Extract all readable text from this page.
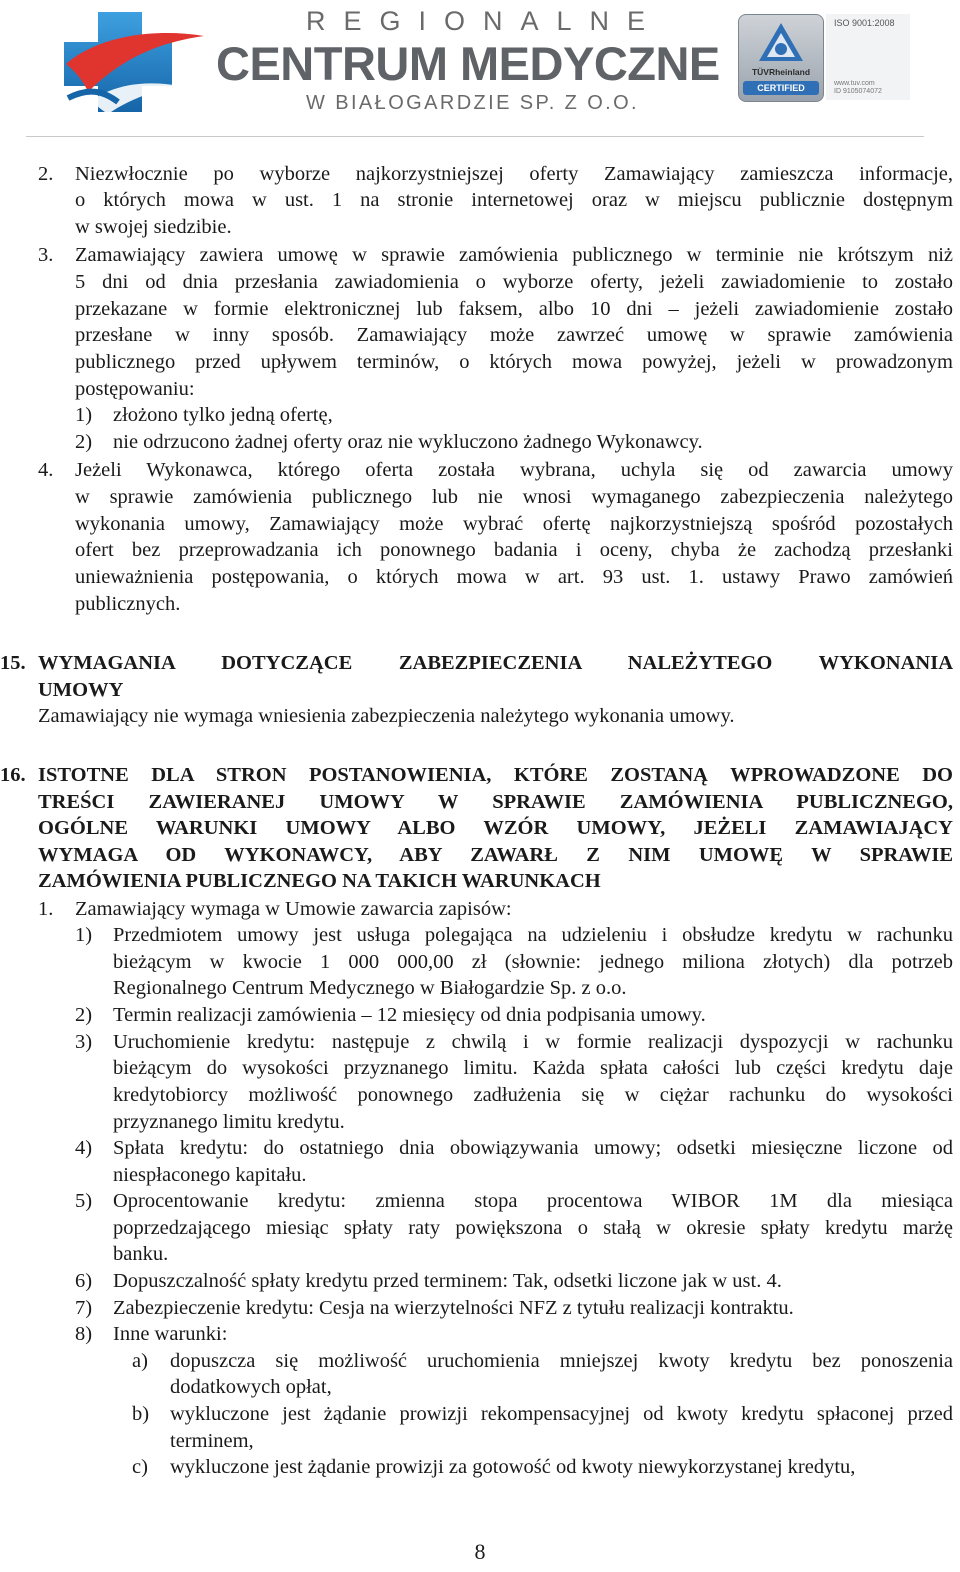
REGIONALNE
CENTRUM MEDYCZNE
W BIAŁOGARDZIE SP. Z O.O.
TÜVRheinland
CERTIFIED
ISO 9001:2008
www.tuv.com
ID 9105074072
2. Niezwłocznie po wyborze najkorzystniejszej oferty Zamawiający zamieszcza informacje,
o których mowa w ust. 1 na stronie internetowej oraz w miejscu publicznie dostępnym
w swojej siedzibie.
3. Zamawiający zawiera umowę w sprawie zamówienia publicznego w terminie nie krótszym niż
5 dni od dnia przesłania zawiadomienia o wyborze oferty, jeżeli zawiadomienie to zostało
przekazane w formie elektronicznej lub faksem, albo 10 dni – jeżeli zawiadomienie zostało
przesłane w inny sposób. Zamawiający może zawrzeć umowę w sprawie zamówienia
publicznego przed upływem terminów, o których mowa powyżej, jeżeli w prowadzonym
postępowaniu:
1) złożono tylko jedną ofertę,
2) nie odrzucono żadnej oferty oraz nie wykluczono żadnego Wykonawcy.
4. Jeżeli Wykonawca, którego oferta została wybrana, uchyla się od zawarcia umowy
w sprawie zamówienia publicznego lub nie wnosi wymaganego zabezpieczenia należytego
wykonania umowy, Zamawiający może wybrać ofertę najkorzystniejszą spośród pozostałych
ofert bez przeprowadzania ich ponownego badania i oceny, chyba że zachodzą przesłanki
unieważnienia postępowania, o których mowa w art. 93 ust. 1. ustawy Prawo zamówień
publicznych.
15. WYMAGANIA DOTYCZĄCE ZABEZPIECZENIA NALEŻYTEGO WYKONANIA
UMOWY
Zamawiający nie wymaga wniesienia zabezpieczenia należytego wykonania umowy.
16. ISTOTNE DLA STRON POSTANOWIENIA, KTÓRE ZOSTANĄ WPROWADZONE DO
TREŚCI ZAWIERANEJ UMOWY W SPRAWIE ZAMÓWIENIA PUBLICZNEGO,
OGÓLNE WARUNKI UMOWY ALBO WZÓR UMOWY, JEŻELI ZAMAWIAJĄCY
WYMAGA OD WYKONAWCY, ABY ZAWARŁ Z NIM UMOWĘ W SPRAWIE
ZAMÓWIENIA PUBLICZNEGO NA TAKICH WARUNKACH
1. Zamawiający wymaga w Umowie zawarcia zapisów:
1) Przedmiotem umowy jest usługa polegająca na udzieleniu i obsłudze kredytu w rachunku
bieżącym w kwocie 1 000 000,00 zł (słownie: jednego miliona złotych) dla potrzeb
Regionalnego Centrum Medycznego w Białogardzie Sp. z o.o.
2) Termin realizacji zamówienia – 12 miesięcy od dnia podpisania umowy.
3) Uruchomienie kredytu: następuje z chwilą i w formie realizacji dyspozycji w rachunku
bieżącym do wysokości przyznanego limitu. Każda spłata całości lub części kredytu daje
kredytobiorcy możliwość ponownego zadłużenia się w ciężar rachunku do wysokości
przyznanego limitu kredytu.
4) Spłata kredytu: do ostatniego dnia obowiązywania umowy; odsetki miesięczne liczone od
niespłaconego kapitału.
5) Oprocentowanie kredytu: zmienna stopa procentowa WIBOR 1M dla miesiąca
poprzedzającego miesiąc spłaty raty powiększona o stałą w okresie spłaty kredytu marżę
banku.
6) Dopuszczalność spłaty kredytu przed terminem: Tak, odsetki liczone jak w ust. 4.
7) Zabezpieczenie kredytu: Cesja na wierzytelności NFZ z tytułu realizacji kontraktu.
8) Inne warunki:
a) dopuszcza się możliwość uruchomienia mniejszej kwoty kredytu bez ponoszenia
dodatkowych opłat,
b) wykluczone jest żądanie prowizji rekompensacyjnej od kwoty kredytu spłaconej przed
terminem,
c) wykluczone jest żądanie prowizji za gotowość od kwoty niewykorzystanej kredytu,
8
